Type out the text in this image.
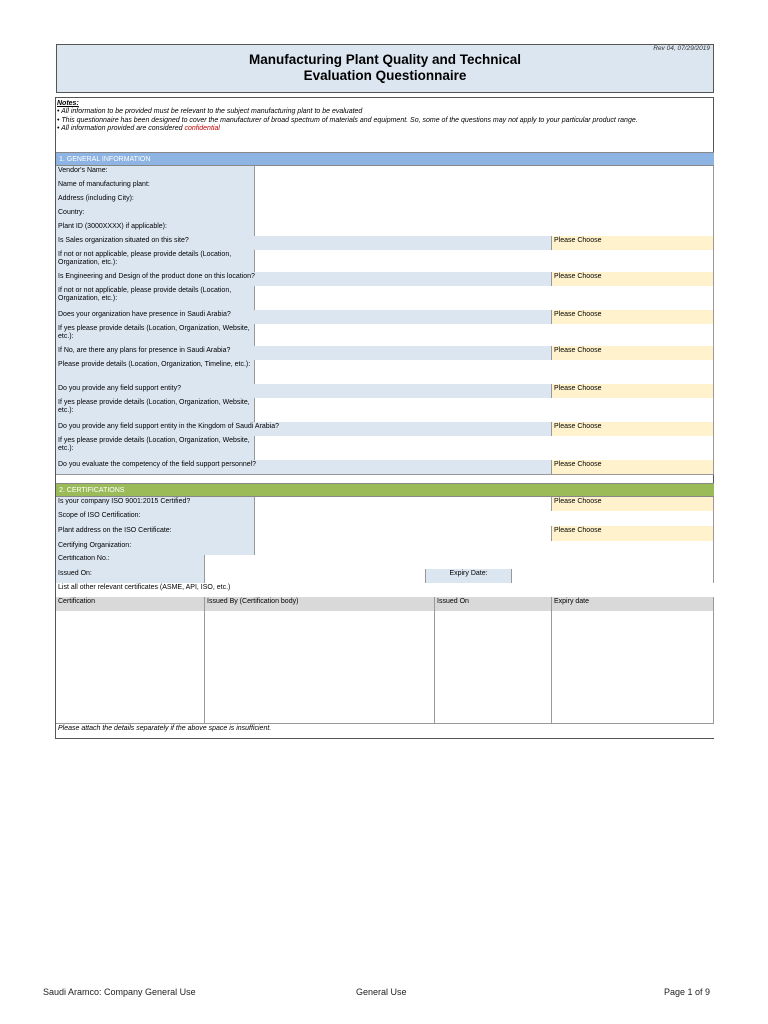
Rev 04, 07/29/2019
Manufacturing Plant Quality and Technical
Evaluation Questionnaire
Notes:
• All information to be provided must be relevant to the subject manufacturing plant to be evaluated
• This questionnaire has been designed to cover the manufacturer of broad spectrum of materials and equipment. So, some of the questions may not apply to your particular product range.
• All information provided are considered confidential
1. GENERAL INFORMATION
Vendor's Name:
Name of manufacturing plant:
Address (including City):
Country:
Plant ID (3000XXXX) if applicable):
Is Sales organization situated on this site?	Please Choose
If not or not applicable, please provide details (Location, Organization, etc.):
Is Engineering and Design of the product done on this location?	Please Choose
If not or not applicable, please provide details (Location, Organization, etc.):
Does your organization have presence in Saudi Arabia?	Please Choose
If yes please provide details (Location, Organization, Website, etc.):
If No, are there any plans for presence in Saudi Arabia?	Please Choose
Please provide details (Location, Organization, Timeline, etc.):
Do you provide any field support entity?	Please Choose
If yes please provide details (Location, Organization, Website, etc.):
Do you provide any field support entity in the Kingdom of Saudi Arabia?	Please Choose
If yes please provide details (Location, Organization, Website, etc.):
Do you evaluate the competency of the field support personnel?	Please Choose
2. CERTIFICATIONS
Is your company ISO 9001:2015 Certified?	Please Choose
Scope of ISO Certification:
Plant address on the ISO Certificate:	Please Choose
Certifying Organization:
Certification No.:
Issued On:	Expiry Date:
List all other relevant certificates (ASME, API, ISO, etc.)
Certification	Issued By (Certification body)	Issued On	Expiry date
Please attach the details separately if the above space is insufficient.
Saudi Aramco: Company General Use	General Use	Page 1 of 9
